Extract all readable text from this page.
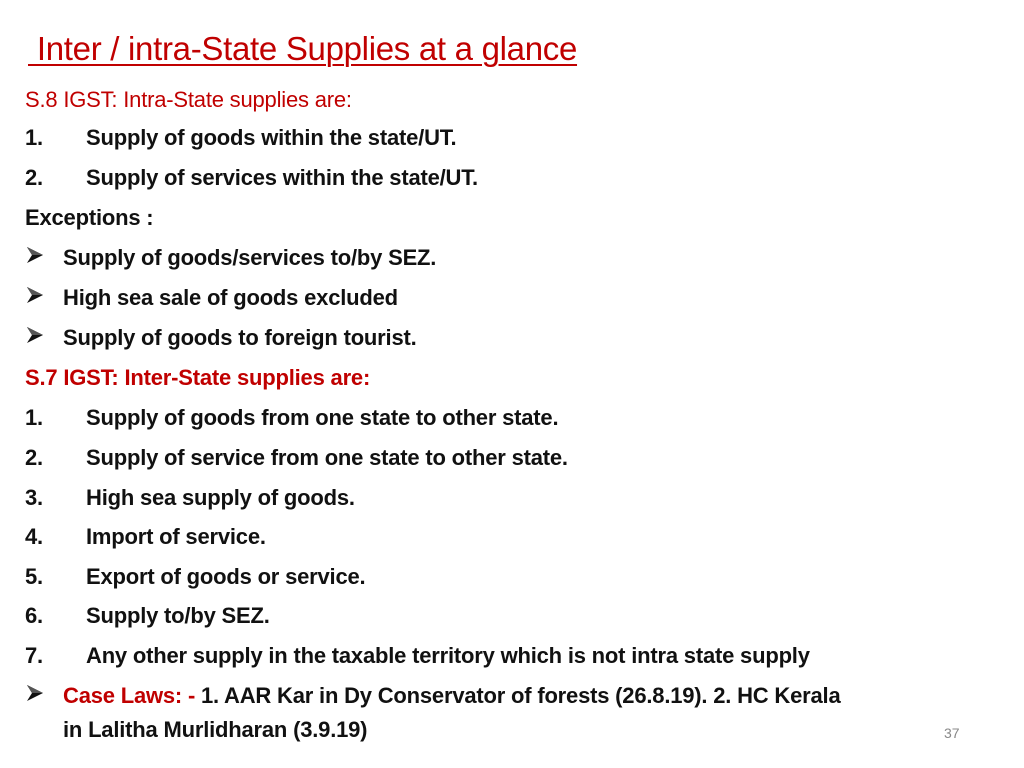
Inter / intra-State Supplies at a glance
S.8 IGST: Intra-State supplies are:
1. Supply of goods within the state/UT.
2. Supply of services within the state/UT.
Exceptions :
Supply of goods/services to/by SEZ.
High sea sale of goods excluded
Supply of goods to foreign tourist.
S.7 IGST: Inter-State supplies are:
1. Supply of goods from one state to other state.
2. Supply of service from one state to other state.
3. High sea supply of goods.
4. Import of service.
5. Export of goods or service.
6. Supply to/by SEZ.
7. Any other supply in the taxable territory which is not intra state supply
Case Laws: - 1. AAR Kar in Dy Conservator of forests (26.8.19). 2. HC Kerala
in Lalitha Murlidharan (3.9.19)	37
